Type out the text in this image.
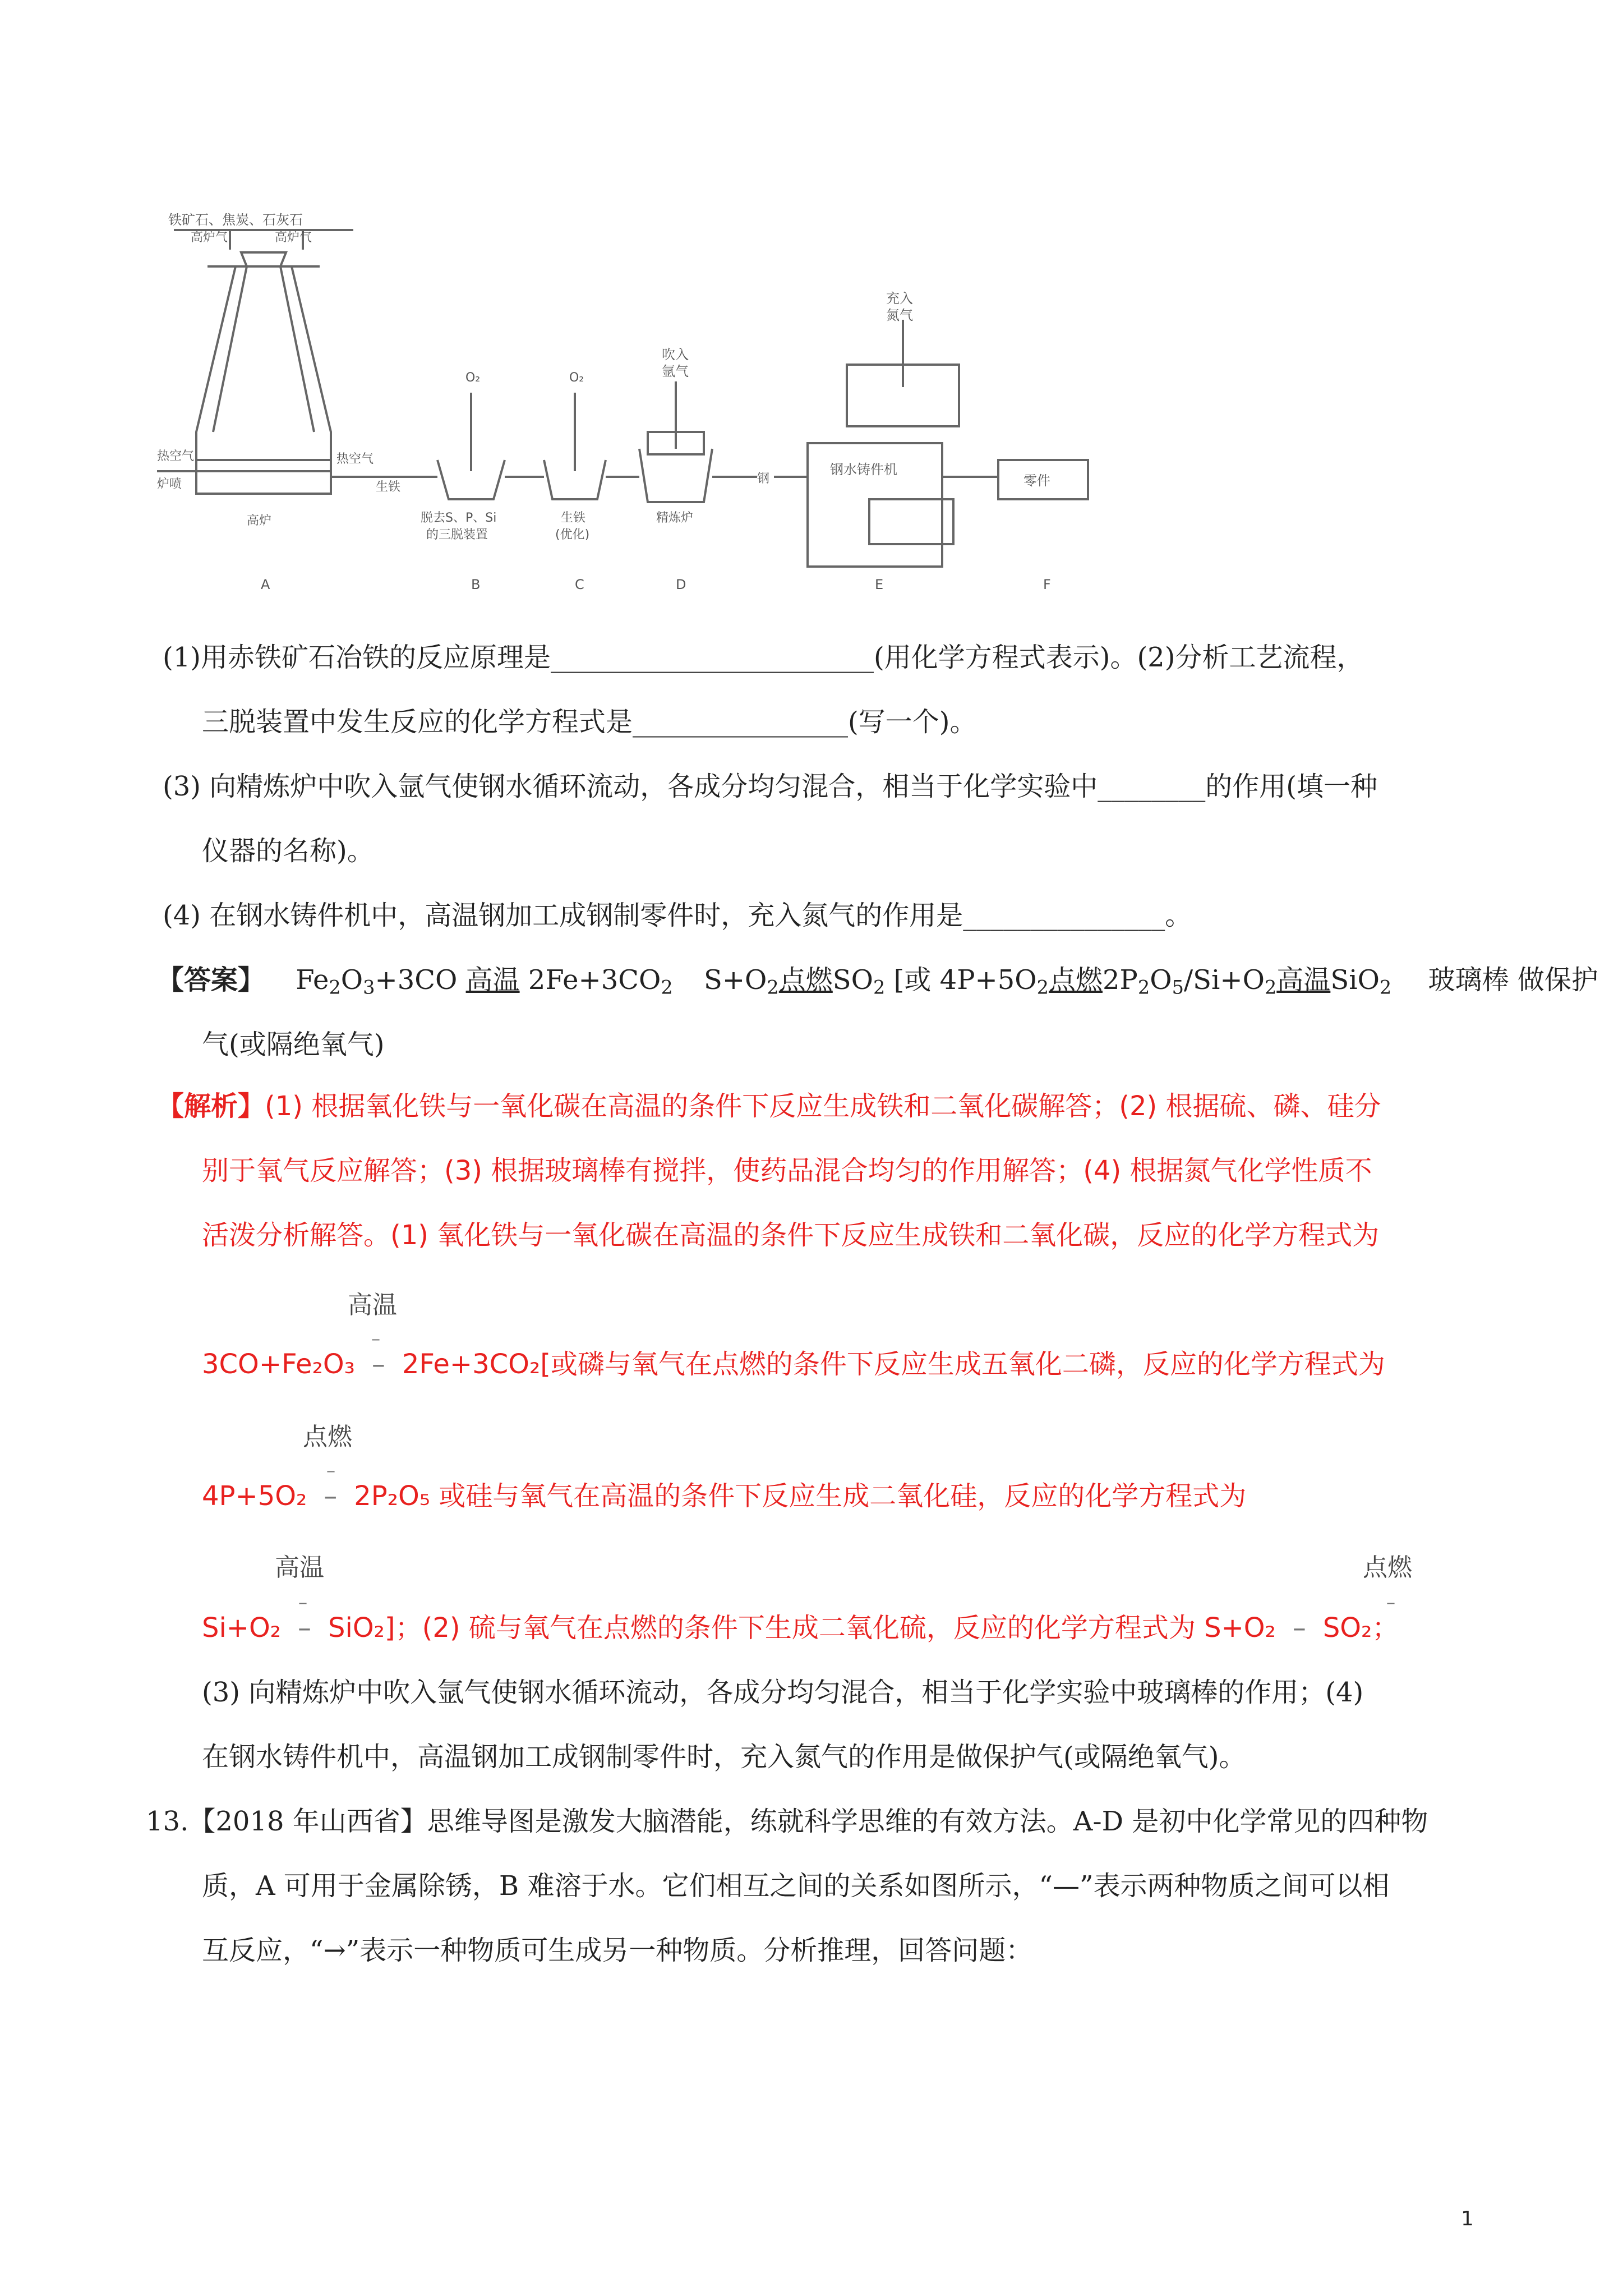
铁矿石、焦炭、石灰石
高炉气	高炉气
热空气
炉喷
热空气
生铁
高炉
O₂	O₂
吹入
氩气
充入
氮气
脱去S、P、Si
的三脱装置
生铁
(优化)
精炼炉
钢
钢水铸件机
零件
A	B	C	D	E	F
(1)用赤铁矿石冶铁的反应原理是________________________(用化学方程式表示)。(2)分析工艺流程，
三脱装置中发生反应的化学方程式是________________(写一个)。
(3) 向精炼炉中吹入氩气使钢水循环流动，各成分均匀混合，相当于化学实验中________的作用(填一种
仪器的名称)。
(4) 在钢水铸件机中，高温钢加工成钢制零件时，充入氮气的作用是_______________。
【答案】 $Fe_2O_3+3CO$ 高温 $2Fe+3CO_2$ $S+O_2$点燃$SO_2$ [或 $4P+5O_2$点燃$2P_2O_5/Si+O_2$高温SiO$_2$ 玻璃棒 做保护
气(或隔绝氧气)
【解析】(1) 根据氧化铁与一氧化碳在高温的条件下反应生成铁和二氧化碳解答；(2) 根据硫、磷、硅分
别于氧气反应解答；(3) 根据玻璃棒有搅拌，使药品混合均匀的作用解答；(4) 根据氮气化学性质不
活泼分析解答。(1) 氧化铁与一氧化碳在高温的条件下反应生成铁和二氧化碳，反应的化学方程式为
高温
–
3CO+Fe₂O₃ – 2Fe+3CO₂[或磷与氧气在点燃的条件下反应生成五氧化二磷，反应的化学方程式为
点燃
–
4P+5O₂ – 2P₂O₅ 或硅与氧气在高温的条件下反应生成二氧化硅，反应的化学方程式为
高温	点燃
–	–
Si+O₂ – SiO₂]；(2) 硫与氧气在点燃的条件下生成二氧化硫，反应的化学方程式为 S+O₂ – SO₂；
(3) 向精炼炉中吹入氩气使钢水循环流动，各成分均匀混合，相当于化学实验中玻璃棒的作用；(4)
在钢水铸件机中，高温钢加工成钢制零件时，充入氮气的作用是做保护气(或隔绝氧气)。
13.【2018 年山西省】思维导图是激发大脑潜能，练就科学思维的有效方法。A-D 是初中化学常见的四种物
质，A 可用于金属除锈，B 难溶于水。它们相互之间的关系如图所示，“—”表示两种物质之间可以相
互反应，“→”表示一种物质可生成另一种物质。分析推理，回答问题：
1
